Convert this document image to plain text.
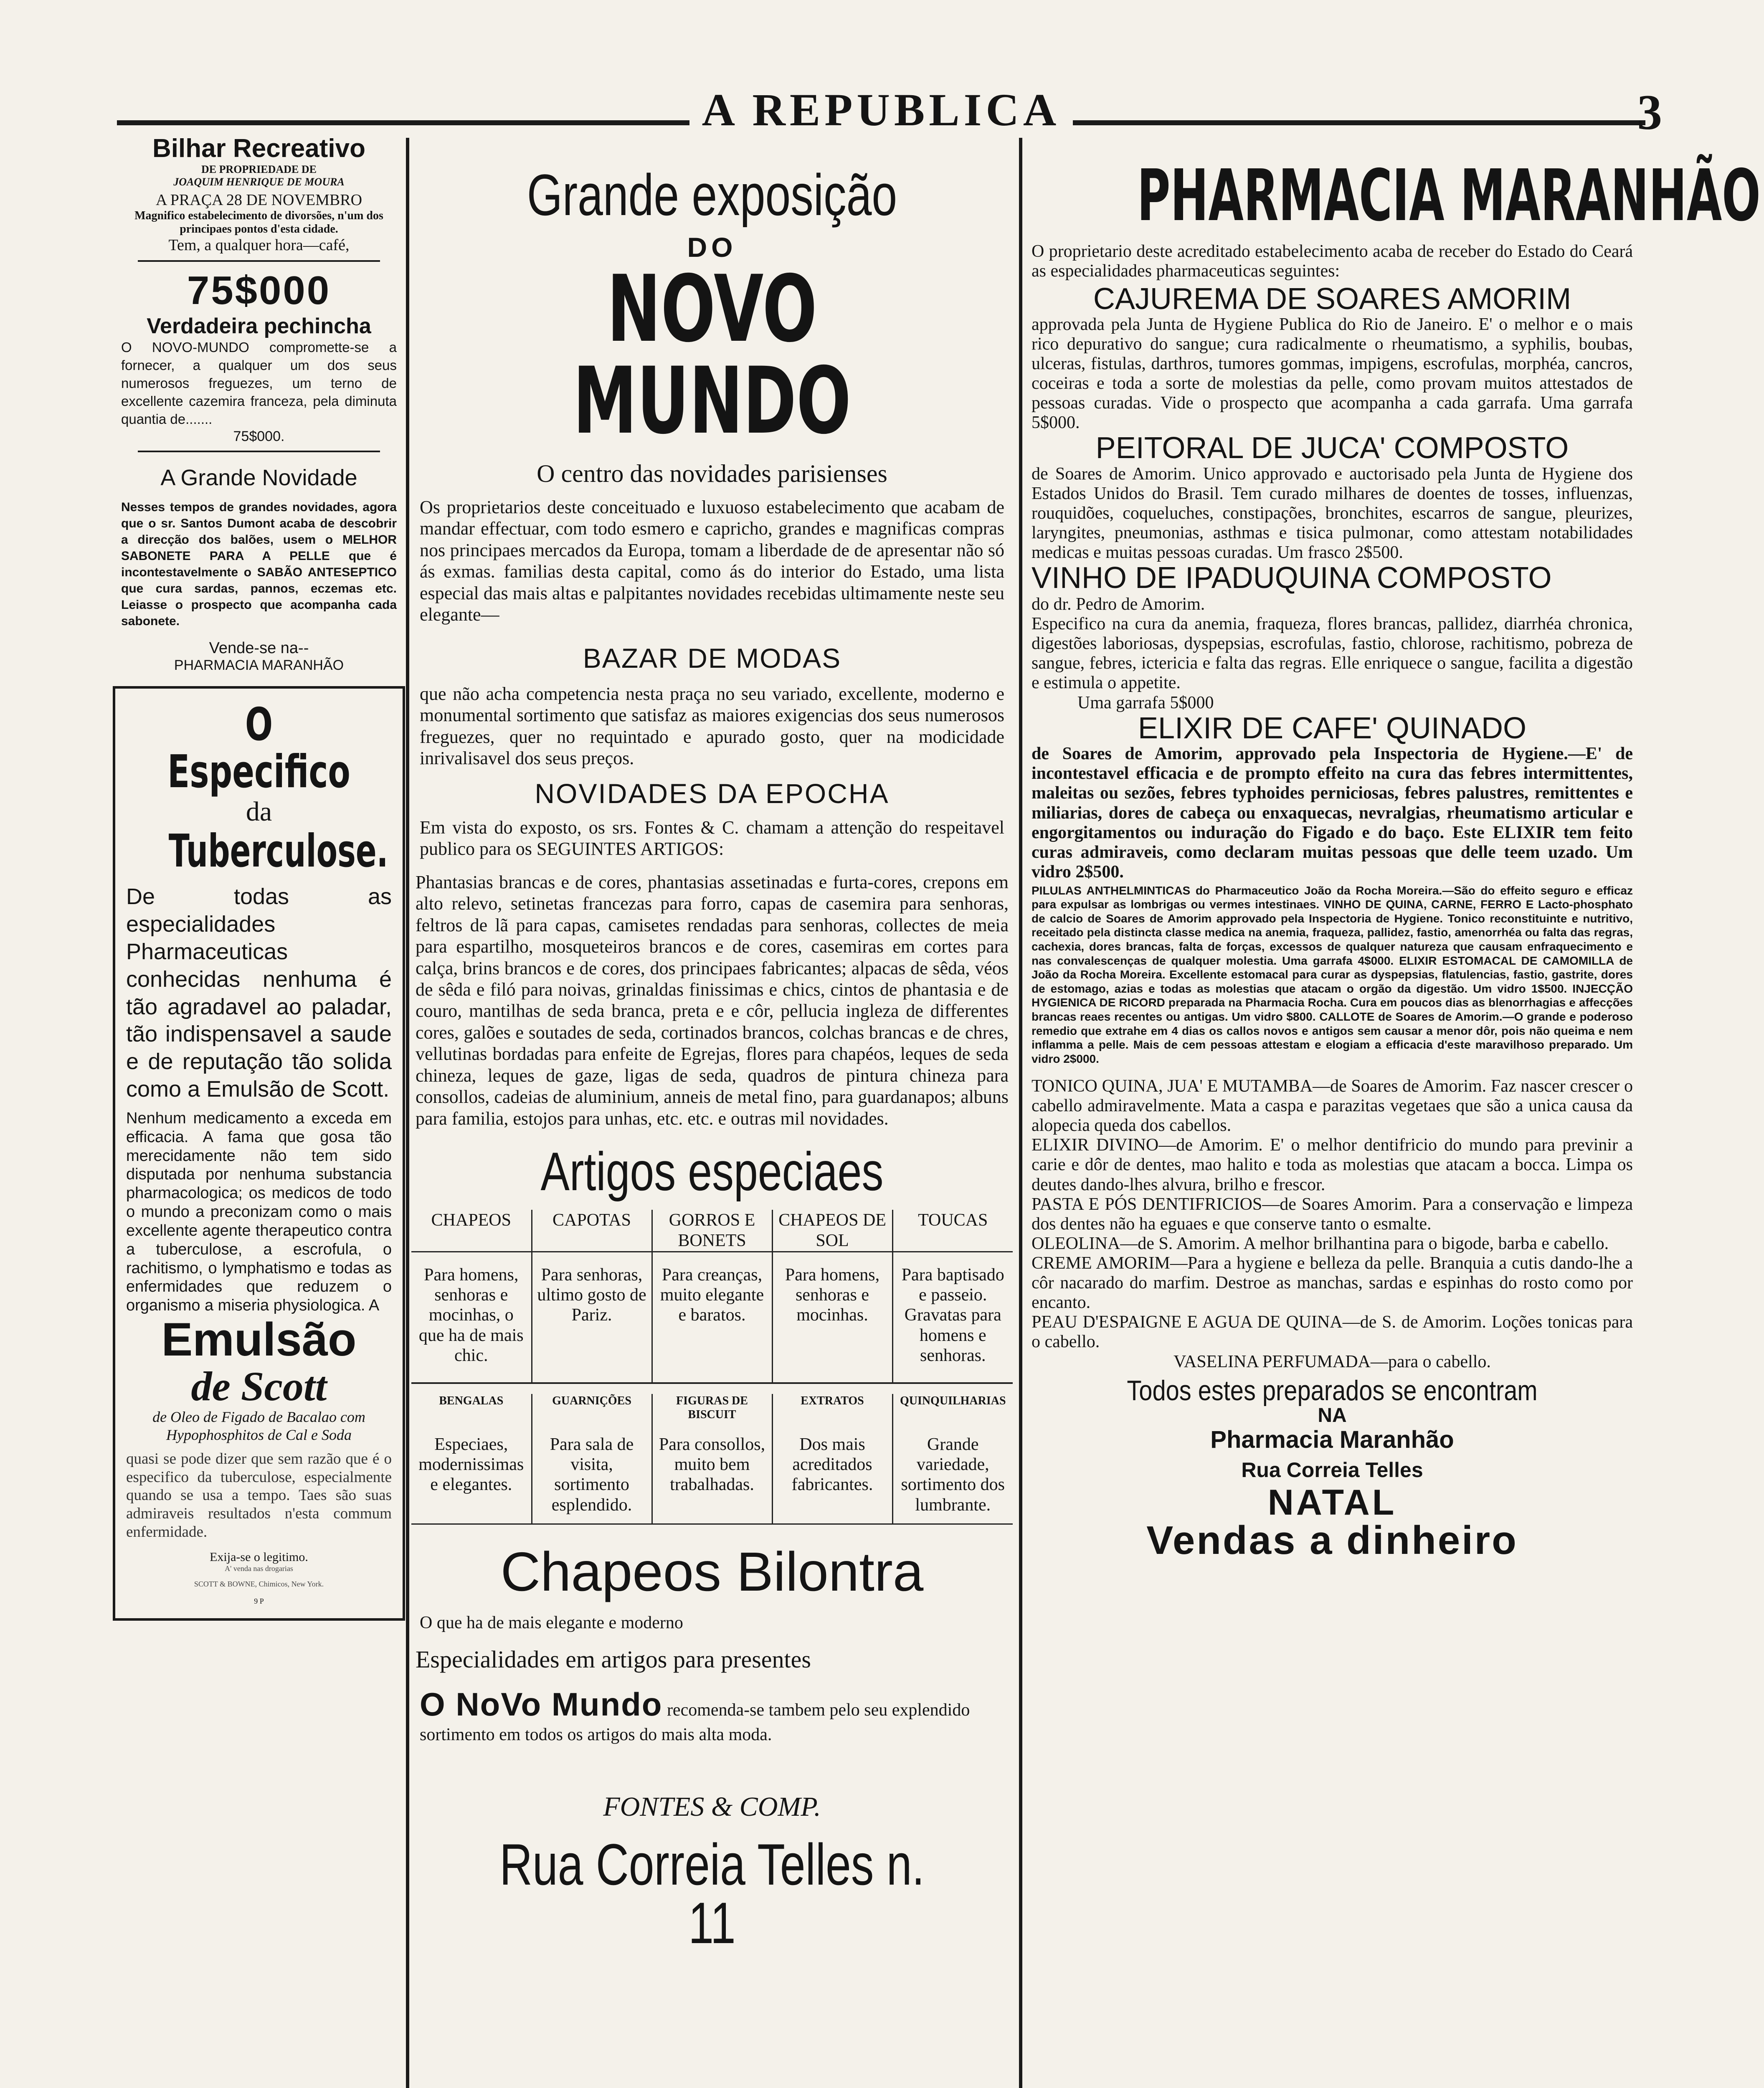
A REPUBLICA	3

Bilhar Recreativo

DE PROPRIEDADE DE

JOAQUIM HENRIQUE DE MOURA

A PRAÇA 28 DE NOVEMBRO

Magnifico estabelecimento de divorsões, n'um dos principaes pontos d'esta cidade.

Tem, a qualquer hora—café,

75$000

Verdadeira pechincha

O NOVO-MUNDO compromette-se a fornecer, a qualquer um dos seus numerosos freguezes, um terno de excellente cazemira franceza, pela diminuta quantia de.......

75$000.

A Grande Novidade

Nesses tempos de grandes novidades, agora que o sr. Santos Dumont acaba de descobrir a direcção dos balões, usem o MELHOR SABONETE PARA A PELLE que é incontestavelmente o SABÃO ANTESEPTICO que cura sardas, pannos, eczemas etc. Leiasse o prospecto que acompanha cada sabonete.

Vende-se na--

PHARMACIA MARANHÃO

O Especifico

da

Tuberculose.

De todas as especialidades Pharmaceuticas conhecidas nenhuma é tão agradavel ao paladar, tão indispensavel a saude e de reputação tão solida como a Emulsão de Scott.

Nenhum medicamento a exceda em efficacia. A fama que gosa tão merecidamente não tem sido disputada por nenhuma substancia pharmacologica; os medicos de todo o mundo a preconizam como o mais excellente agente therapeutico contra a tuberculose, a escrofula, o rachitismo, o lymphatismo e todas as enfermidades que reduzem o organismo a miseria physiologica. A

Emulsão

de Scott

de Oleo de Figado de Bacalao com Hypophosphitos de Cal e Soda

quasi se pode dizer que sem razão que é o especifico da tuberculose, especialmente quando se usa a tempo. Taes são suas admiraveis resultados n'esta commum enfermidade.

Exija-se o legitimo.

A' venda nas drogarias

SCOTT & BOWNE, Chimicos, New York.

9 P

Grande exposição

DO

NOVO MUNDO

O centro das novidades parisienses

Os proprietarios deste conceituado e luxuoso estabelecimento que acabam de mandar effectuar, com todo esmero e capricho, grandes e magnificas compras nos principaes mercados da Europa, tomam a liberdade de de apresentar não só ás exmas. familias desta capital, como ás do interior do Estado, uma lista especial das mais altas e palpitantes novidades recebidas ultimamente neste seu elegante—

BAZAR DE MODAS

que não acha competencia nesta praça no seu variado, excellente, moderno e monumental sortimento que satisfaz as maiores exigencias dos seus numerosos freguezes, quer no requintado e apurado gosto, quer na modicidade inrivalisavel dos seus preços.

NOVIDADES DA EPOCHA

Em vista do exposto, os srs. Fontes & C. chamam a attenção do respeitavel publico para os SEGUINTES ARTIGOS:

Phantasias brancas e de cores, phantasias assetinadas e furta-cores, crepons em alto relevo, setinetas francezas para forro, capas de casemira para senhoras, feltros de lã para capas, camisetes rendadas para senhoras, collectes de meia para espartilho, mosqueteiros brancos e de cores, casemiras em cortes para calça, brins brancos e de cores, dos principaes fabricantes; alpacas de sêda, véos de sêda e filó para noivas, grinaldas finissimas e chics, cintos de phantasia e de couro, mantilhas de seda branca, preta e e côr, pellucia ingleza de differentes cores, galões e soutades de seda, cortinados brancos, colchas brancas e de chres, vellutinas bordadas para enfeite de Egrejas, flores para chapéos, leques de seda chineza, leques de gaze, ligas de seda, quadros de pintura chineza para consollos, cadeias de aluminium, anneis de metal fino, para guardanapos; albuns para familia, estojos para unhas, etc. etc. e outras mil novidades.

Artigos especiaes

CHAPEOS	CAPOTAS	GORROS E BONETS	CHAPEOS DE SOL	TOUCAS
Para homens, senhoras e mocinhas, o que ha de mais chic.	Para senhoras, ultimo gosto de Pariz.	Para creanças, muito elegante e baratos.	Para homens, senhoras e mocinhas.	Para baptisado e passeio. Gravatas para homens e senhoras.
BENGALAS	GUARNIÇÕES	FIGURAS DE BISCUIT	EXTRATOS	QUINQUILHARIAS
Especiaes, modernissimas e elegantes.	Para sala de visita, sortimento esplendido.	Para consollos, muito bem trabalhadas.	Dos mais acreditados fabricantes.	Grande variedade, sortimento dos lumbrante.

Chapeos Bilontra

O que ha de mais elegante e moderno

Especialidades em artigos para presentes

O NoVo Mundo recomenda-se tambem pelo seu explendido sortimento em todos os artigos do mais alta moda.

FONTES & COMP.

Rua Correia Telles n. 11

PHARMACIA MARANHÃO

O proprietario deste acreditado estabelecimento acaba de receber do Estado do Ceará as especialidades pharmaceuticas seguintes:

CAJUREMA DE SOARES AMORIM

approvada pela Junta de Hygiene Publica do Rio de Janeiro. E' o melhor e o mais rico depurativo do sangue; cura radicalmente o rheumatismo, a syphilis, boubas, ulceras, fistulas, darthros, tumores gommas, impigens, escrofulas, morphéa, cancros, coceiras e toda a sorte de molestias da pelle, como provam muitos attestados de pessoas curadas. Vide o prospecto que acompanha a cada garrafa. Uma garrafa 5$000.

PEITORAL DE JUCA' COMPOSTO

de Soares de Amorim. Unico approvado e auctorisado pela Junta de Hygiene dos Estados Unidos do Brasil. Tem curado milhares de doentes de tosses, influenzas, rouquidões, coqueluches, constipações, bronchites, escarros de sangue, pleurizes, laryngites, pneumonias, asthmas e tisica pulmonar, como attestam notabilidades medicas e muitas pessoas curadas. Um frasco 2$500.

VINHO DE IPADUQUINA COMPOSTO

do dr. Pedro de Amorim.

Especifico na cura da anemia, fraqueza, flores brancas, pallidez, diarrhéa chronica, digestões laboriosas, dyspepsias, escrofulas, fastio, chlorose, rachitismo, pobreza de sangue, febres, ictericia e falta das regras. Elle enriquece o sangue, facilita a digestão e estimula o appetite.

Uma garrafa 5$000

ELIXIR DE CAFE' QUINADO

de Soares de Amorim, approvado pela Inspectoria de Hygiene.—E' de incontestavel efficacia e de prompto effeito na cura das febres intermittentes, maleitas ou sezões, febres typhoides perniciosas, febres palustres, remittentes e miliarias, dores de cabeça ou enxaquecas, nevralgias, rheumatismo articular e engorgitamentos ou induração do Figado e do baço. Este ELIXIR tem feito curas admiraveis, como declaram muitas pessoas que delle teem uzado. Um vidro 2$500.

PILULAS ANTHELMINTICAS do Pharmaceutico João da Rocha Moreira.—São do effeito seguro e efficaz para expulsar as lombrigas ou vermes intestinaes. VINHO DE QUINA, CARNE, FERRO E Lacto-phosphato de calcio de Soares de Amorim approvado pela Inspectoria de Hygiene. Tonico reconstituinte e nutritivo, receitado pela distincta classe medica na anemia, fraqueza, pallidez, fastio, amenorrhéa ou falta das regras, cachexia, dores brancas, falta de forças, excessos de qualquer natureza que causam enfraquecimento e nas convalescenças de qualquer molestia. Uma garrafa 4$000. ELIXIR ESTOMACAL DE CAMOMILLA de João da Rocha Moreira. Excellente estomacal para curar as dyspepsias, flatulencias, fastio, gastrite, dores de estomago, azias e todas as molestias que atacam o orgão da digestão. Um vidro 1$500. INJECÇÃO HYGIENICA DE RICORD preparada na Pharmacia Rocha. Cura em poucos dias as blenorrhagias e affecções brancas reaes recentes ou antigas. Um vidro $800. CALLOTE de Soares de Amorim.—O grande e poderoso remedio que extrahe em 4 dias os callos novos e antigos sem causar a menor dôr, pois não queima e nem inflamma a pelle. Mais de cem pessoas attestam e elogiam a efficacia d'este maravilhoso preparado. Um vidro 2$000.

TONICO QUINA, JUA' E MUTAMBA—de Soares de Amorim. Faz nascer crescer o cabello admiravelmente. Mata a caspa e parazitas vegetaes que são a unica causa da alopecia queda dos cabellos.

ELIXIR DIVINO—de Amorim. E' o melhor dentifricio do mundo para previnir a carie e dôr de dentes, mao halito e toda as molestias que atacam a bocca. Limpa os deutes dando-lhes alvura, brilho e frescor.

PASTA E PÓS DENTIFRICIOS—de Soares Amorim. Para a conservação e limpeza dos dentes não ha eguaes e que conserve tanto o esmalte.

OLEOLINA—de S. Amorim. A melhor brilhantina para o bigode, barba e cabello.

CREME AMORIM—Para a hygiene e belleza da pelle. Branquia a cutis dando-lhe a côr nacarado do marfim. Destroe as manchas, sardas e espinhas do rosto como por encanto.

PEAU D'ESPAIGNE E AGUA DE QUINA—de S. de Amorim. Loções tonicas para o cabello.

VASELINA PERFUMADA—para o cabello.

Todos estes preparados se encontram

NA

Pharmacia Maranhão

Rua Correia Telles

NATAL

Vendas a dinheiro
